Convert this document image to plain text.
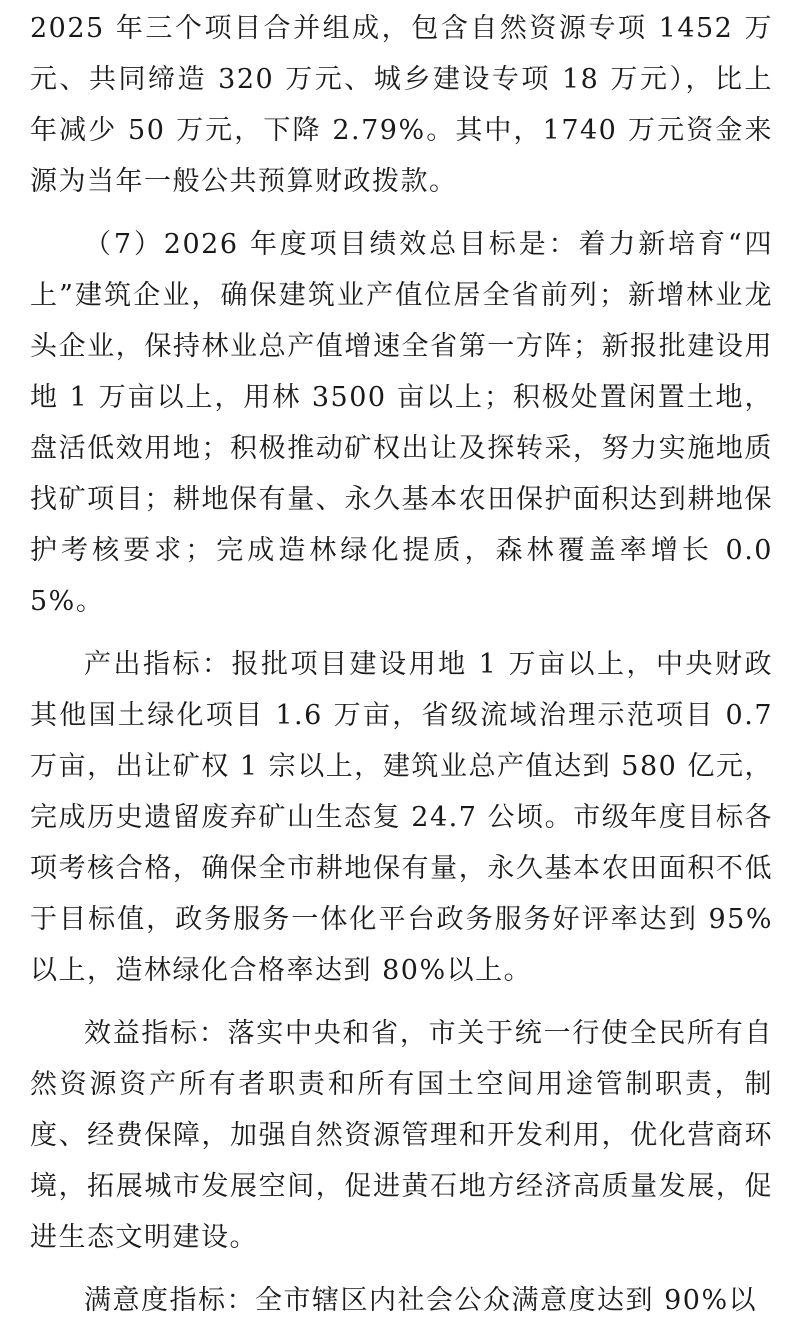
2025 年三个项目合并组成，包含自然资源专项 1452 万元、共同缔造 320 万元、城乡建设专项 18 万元），比上年减少 50 万元，下降 2.79%。其中，1740 万元资金来源为当年一般公共预算财政拨款。

（7）2026 年度项目绩效总目标是：着力新培育“四上”建筑企业，确保建筑业产值位居全省前列；新增林业龙头企业，保持林业总产值增速全省第一方阵；新报批建设用地 1 万亩以上，用林 3500 亩以上；积极处置闲置土地，盘活低效用地；积极推动矿权出让及探转采，努力实施地质找矿项目；耕地保有量、永久基本农田保护面积达到耕地保护考核要求；完成造林绿化提质，森林覆盖率增长 0.05%。

产出指标：报批项目建设用地 1 万亩以上，中央财政其他国土绿化项目 1.6 万亩，省级流域治理示范项目 0.7 万亩，出让矿权 1 宗以上，建筑业总产值达到 580 亿元，完成历史遗留废弃矿山生态复 24.7 公顷。市级年度目标各项考核合格，确保全市耕地保有量，永久基本农田面积不低于目标值，政务服务一体化平台政务服务好评率达到 95%以上，造林绿化合格率达到 80%以上。

效益指标：落实中央和省，市关于统一行使全民所有自然资源资产所有者职责和所有国土空间用途管制职责，制度、经费保障，加强自然资源管理和开发利用，优化营商环境，拓展城市发展空间，促进黄石地方经济高质量发展，促进生态文明建设。

满意度指标：全市辖区内社会公众满意度达到 90%以
